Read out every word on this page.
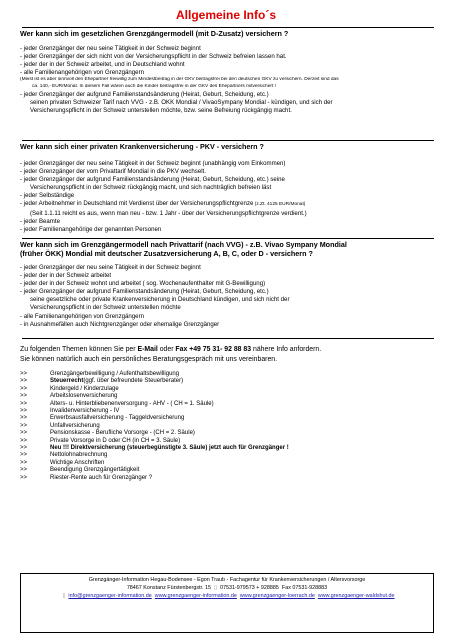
Allgemeine Info´s
Wer kann sich im gesetzlichen Grenzgängermodell (mit D-Zusatz) versichern ?
- jeder Grenzgänger der neu seine Tätigkeit in der Schweiz beginnt
- jeder Grenzgänger der sich nicht von der Versicherungspflicht in der Schweiz befreien lassen hat.
- jeder der in der Schweiz arbeitet, und in Deutschland wohnt
- alle Familienangehörigen von Grenzgängern
(Meist ist es aber sinnvoll den Ehepartner freiwillig zum Mindestbeitrag in der GKV beitragsfrei bei den deutschen GKV zu versichern. Derzeit sind das
ca. 140,- EUR/Monat. In diesem Fall wären auch die Kinder beitragsfrei in der GKV des Ehepartners mitversichert !
- jeder Grenzgänger der aufgrund Familienstandsänderung (Heirat, Geburt, Scheidung, etc.)
seinen privaten Schweizer Tarif nach VVG - z.B. ÖKK Mondial / VivaoSympany Mondial - kündigen, und sich der
Versicherungspflicht in der Schweiz unterstellen möchte, bzw. seine Befreiung rückgängig macht.
Wer kann sich einer privaten Krankenversicherung - PKV - versichern ?
- jeder Grenzgänger der neu seine Tätigkeit in der Schweiz beginnt (unabhängig vom Einkommen)
- jeder Grenzgänger der vom Privattarif Mondial in die PKV wechselt.
- jeder Grenzgänger der aufgrund Familienstandsänderung (Heirat, Geburt, Scheidung, etc.) seine
Versicherungspflicht in der Schweiz rückgängig macht, und sich nachträglich befreien läst
- jeder Selbständige
- jeder Arbeitnehmer in Deutschland mit Verdienst über der Versicherungspflichtgrenze (z.Zt. 4125 EUR/Monat)
(Seit 1.1.11 reicht es aus, wenn man neu - bzw. 1 Jahr - über der Versicherungspflichtgrenze verdient.)
- jeder Beamte
- jeder Familienangehörige der genannten Personen
Wer kann sich im Grenzgängermodell nach Privattarif (nach VVG) - z.B. Vivao Sympany Mondial
(früher ÖKK) Mondial mit deutscher Zusatzversicherung A, B, C, oder D - versichern ?
- jeder Grenzgänger der neu seine Tätigkeit in der Schweiz beginnt
- jeder der in der Schweiz arbeitet
- jeder der in der Schweiz wohnt und arbeitet ( sog. Wochenaufenthalter mit G-Bewilligung)
- jeder Grenzgänger der aufgrund Familienstandsänderung (Heirat, Geburt, Scheidung, etc.)
seine gesetzliche oder private Krankenversicherung in Deutschland kündigen, und sich nicht der
Versicherungspflicht in der Schweiz unterstellen möchte
- alle Familienangehörigen von Grenzgängern
- in Ausnahmefällen auch Nichtgrenzgänger oder ehemalige Grenzgänger
Zu folgenden Themen können Sie per E-Mail oder Fax +49 75 31- 92 88 83 nähere Info anfordern.
Sie können natürlich auch ein persönliches Beratungsgespräch mit uns vereinbaren.
>>	Grenzgängerbewilligung / Aufenthaltsbewilligung
>>	Steuerrecht (ggf. über befreundete Steuerberater)
>>	Kindergeld / Kinderzulage
>>	Arbeitslosenversicherung
>>	Alters- u. Hinterbliebenenversorgung - AHV - ( CH = 1. Säule)
>>	Invalidenversicherung - IV
>>	Erwerbsausfallversicherung - Taggeldversicherung
>>	Unfallversicherung
>>	Pensionskasse - Berufliche Vorsorge - (CH = 2. Säule)
>>	Private Vorsorge in D oder CH (in CH = 3. Säule)
>>	Neu !!! Direktversicherung (steuerbegünstigte 3. Säule) jetzt auch für Grenzgänger !
>>	Nettolohnabrechnung
>>	Wichtige Anschriften
>>	Beendigung Grenzgängertätigkeit
>>	Riester-Rente auch für Grenzgänger ?
Grenzgänger-Information Hegau-Bodensee - Egon Traub - Fachagentur für Krankenversicherungen / Altersvorsorge
78467 Konstanz Fürstenbergstr. 15 ▯ 07531-979573 + 928885 Fax 07531-928883
▯ info@grenzgaenger-information.de www.grenzgaenger-information.de www.grenzgaenger-loerrach.de www.grenzgaenger-waldshut.de
